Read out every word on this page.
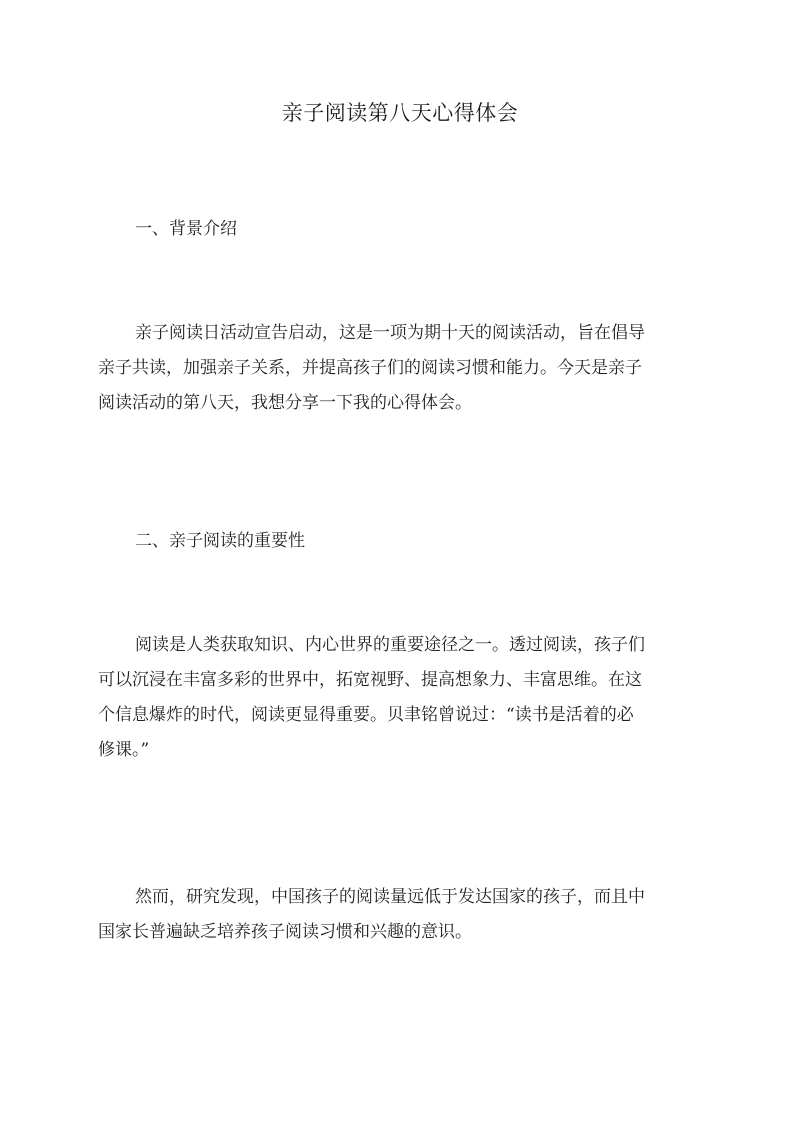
亲子阅读第八天心得体会
一、背景介绍
亲子阅读日活动宣告启动，这是一项为期十天的阅读活动，旨在倡导
亲子共读，加强亲子关系，并提高孩子们的阅读习惯和能力。今天是亲子
阅读活动的第八天，我想分享一下我的心得体会。
二、亲子阅读的重要性
阅读是人类获取知识、内心世界的重要途径之一。透过阅读，孩子们
可以沉浸在丰富多彩的世界中，拓宽视野、提高想象力、丰富思维。在这
个信息爆炸的时代，阅读更显得重要。贝聿铭曾说过：“读书是活着的必
修课。”
然而，研究发现，中国孩子的阅读量远低于发达国家的孩子，而且中
国家长普遍缺乏培养孩子阅读习惯和兴趣的意识。
